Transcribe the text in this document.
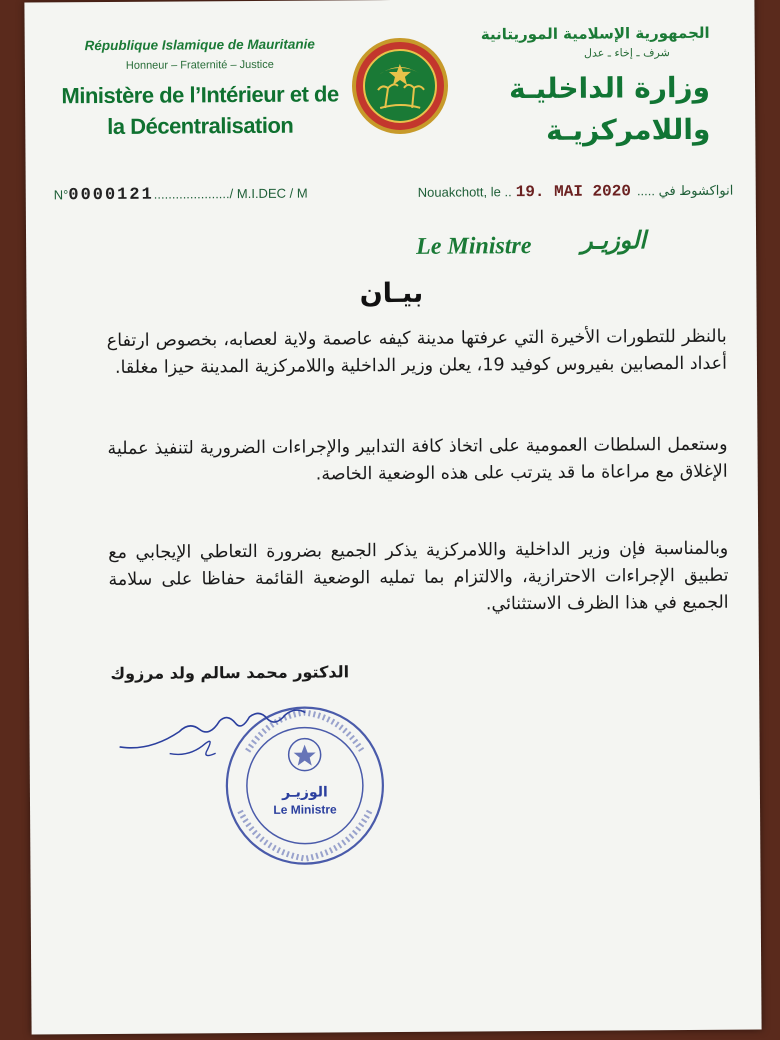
République Islamique de Mauritanie
Honneur – Fraternité – Justice
Ministère de l’Intérieur et de
la Décentralisation
الجمهورية الإسلامية الموريتانية
شرف ـ إخاء ـ عدل
وزارة الداخليـة
واللامركزيـة
N°0000121...................../ M.I.DEC / M	Nouakchott, le .. 19. MAI 2020 انواكشوط في .....
Le Ministre الوزيـر
بيـان
بالنظر للتطورات الأخيرة التي عرفتها مدينة كيفه عاصمة ولاية لعصابه، بخصوص ارتفاع أعداد المصابين بفيروس كوفيد 19، يعلن وزير الداخلية واللامركزية المدينة حيزا مغلقا.
وستعمل السلطات العمومية على اتخاذ كافة التدابير والإجراءات الضرورية لتنفيذ عملية الإغلاق مع مراعاة ما قد يترتب على هذه الوضعية الخاصة.
وبالمناسبة فإن وزير الداخلية واللامركزية يذكر الجميع بضرورة التعاطي الإيجابي مع تطبيق الإجراءات الاحترازية، والالتزام بما تمليه الوضعية القائمة حفاظا على سلامة الجميع في هذا الظرف الاستثنائي.
الدكتور محمد سالم ولد مرزوك
الوزيـر
Le Ministre
